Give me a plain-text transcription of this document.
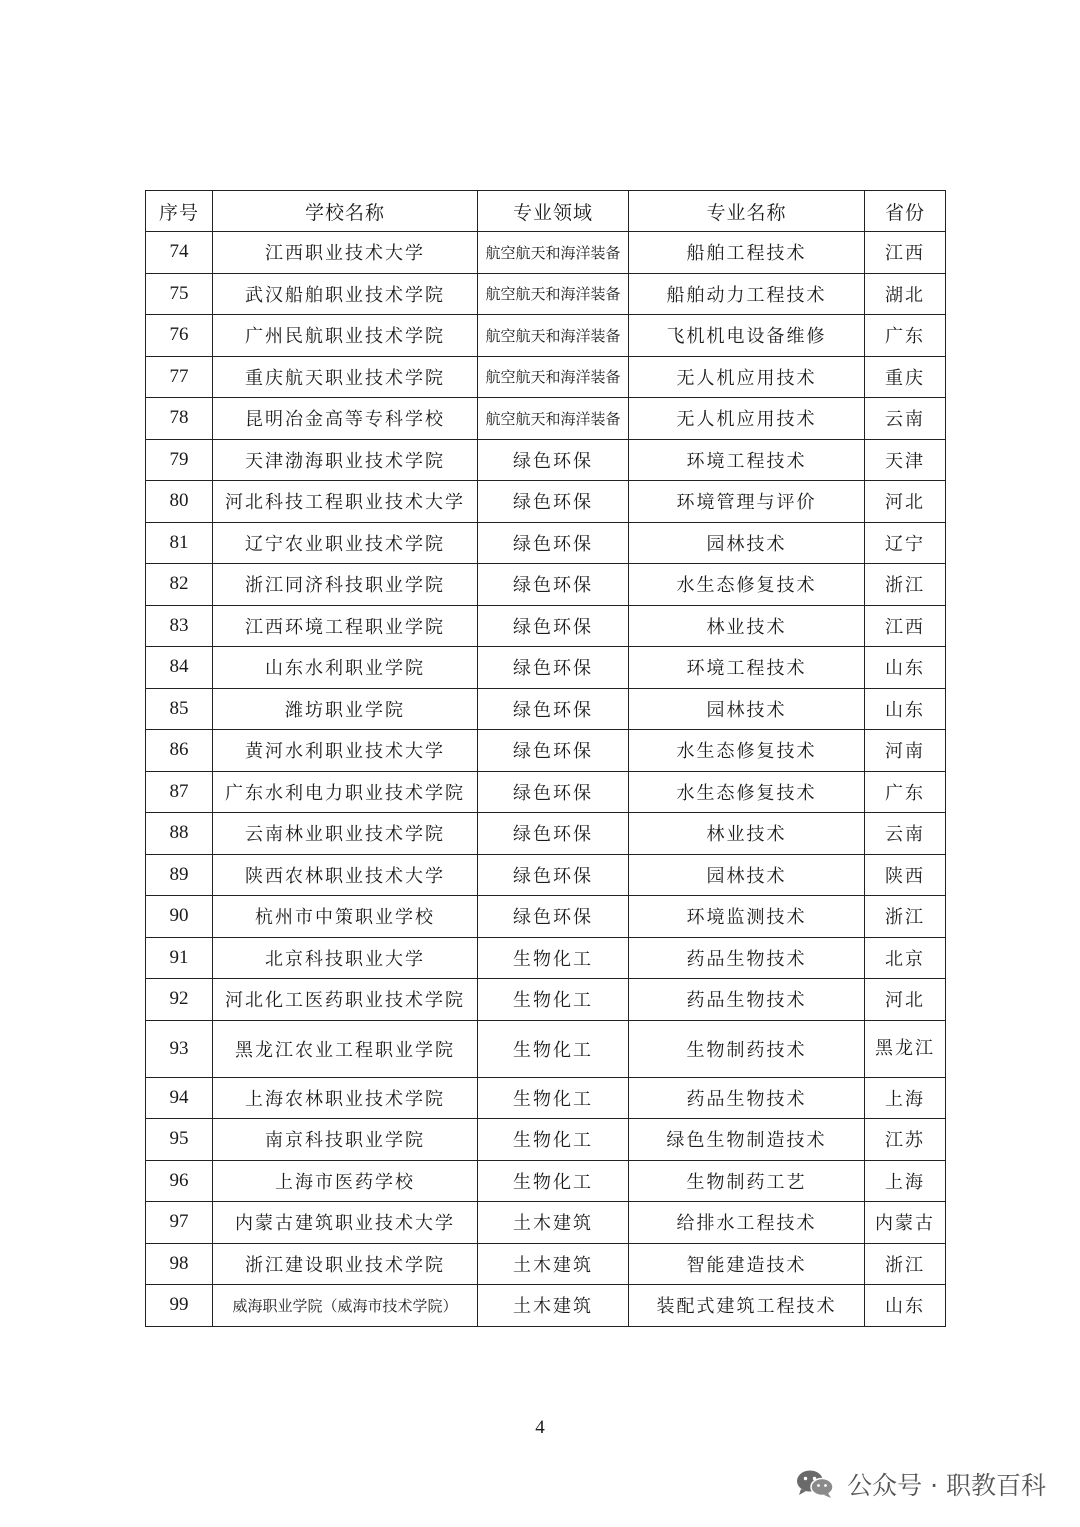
序号	学校名称	专业领域	专业名称	省份
74	江西职业技术大学	航空航天和海洋装备	船舶工程技术	江西
75	武汉船舶职业技术学院	航空航天和海洋装备	船舶动力工程技术	湖北
76	广州民航职业技术学院	航空航天和海洋装备	飞机机电设备维修	广东
77	重庆航天职业技术学院	航空航天和海洋装备	无人机应用技术	重庆
78	昆明冶金高等专科学校	航空航天和海洋装备	无人机应用技术	云南
79	天津渤海职业技术学院	绿色环保	环境工程技术	天津
80	河北科技工程职业技术大学	绿色环保	环境管理与评价	河北
81	辽宁农业职业技术学院	绿色环保	园林技术	辽宁
82	浙江同济科技职业学院	绿色环保	水生态修复技术	浙江
83	江西环境工程职业学院	绿色环保	林业技术	江西
84	山东水利职业学院	绿色环保	环境工程技术	山东
85	潍坊职业学院	绿色环保	园林技术	山东
86	黄河水利职业技术大学	绿色环保	水生态修复技术	河南
87	广东水利电力职业技术学院	绿色环保	水生态修复技术	广东
88	云南林业职业技术学院	绿色环保	林业技术	云南
89	陕西农林职业技术大学	绿色环保	园林技术	陕西
90	杭州市中策职业学校	绿色环保	环境监测技术	浙江
91	北京科技职业大学	生物化工	药品生物技术	北京
92	河北化工医药职业技术学院	生物化工	药品生物技术	河北
93	黑龙江农业工程职业学院	生物化工	生物制药技术	黑龙江
94	上海农林职业技术学院	生物化工	药品生物技术	上海
95	南京科技职业学院	生物化工	绿色生物制造技术	江苏
96	上海市医药学校	生物化工	生物制药工艺	上海
97	内蒙古建筑职业技术大学	土木建筑	给排水工程技术	内蒙古
98	浙江建设职业技术学院	土木建筑	智能建造技术	浙江
99	威海职业学院（威海市技术学院）	土木建筑	装配式建筑工程技术	山东
4
公众号 · 职教百科
